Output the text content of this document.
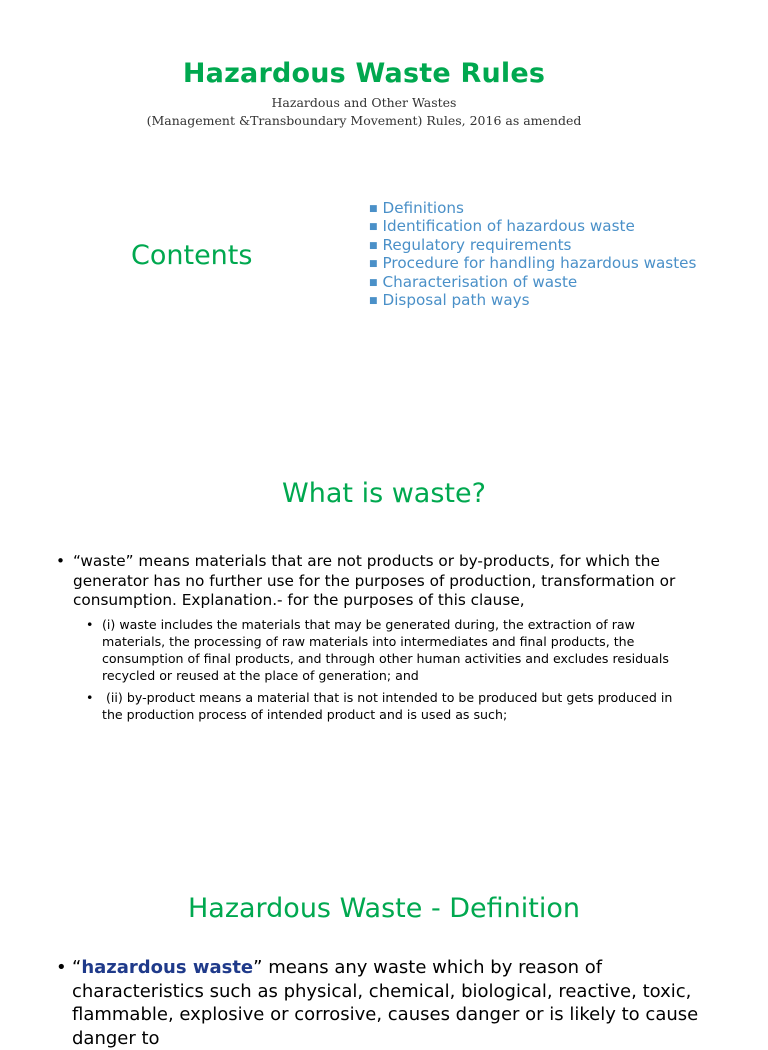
Hazardous Waste Rules
Hazardous and Other Wastes
(Management &Transboundary Movement) Rules, 2016 as amended
Contents
■ Definitions
■ Identification of hazardous waste
■ Regulatory requirements
■ Procedure for handling hazardous wastes
■ Characterisation of waste
■ Disposal path ways
What is waste?
• “waste” means materials that are not products or by-products, for which the generator has no further use for the purposes of production, transformation or consumption. Explanation.- for the purposes of this clause,
• (i) waste includes the materials that may be generated during, the extraction of raw materials, the processing of raw materials into intermediates and final products, the consumption of final products, and through other human activities and excludes residuals recycled or reused at the place of generation; and
• (ii) by-product means a material that is not intended to be produced but gets produced in the production process of intended product and is used as such;
Hazardous Waste - Definition
• “hazardous waste” means any waste which by reason of characteristics such as physical, chemical, biological, reactive, toxic, flammable, explosive or corrosive, causes danger or is likely to cause danger to
